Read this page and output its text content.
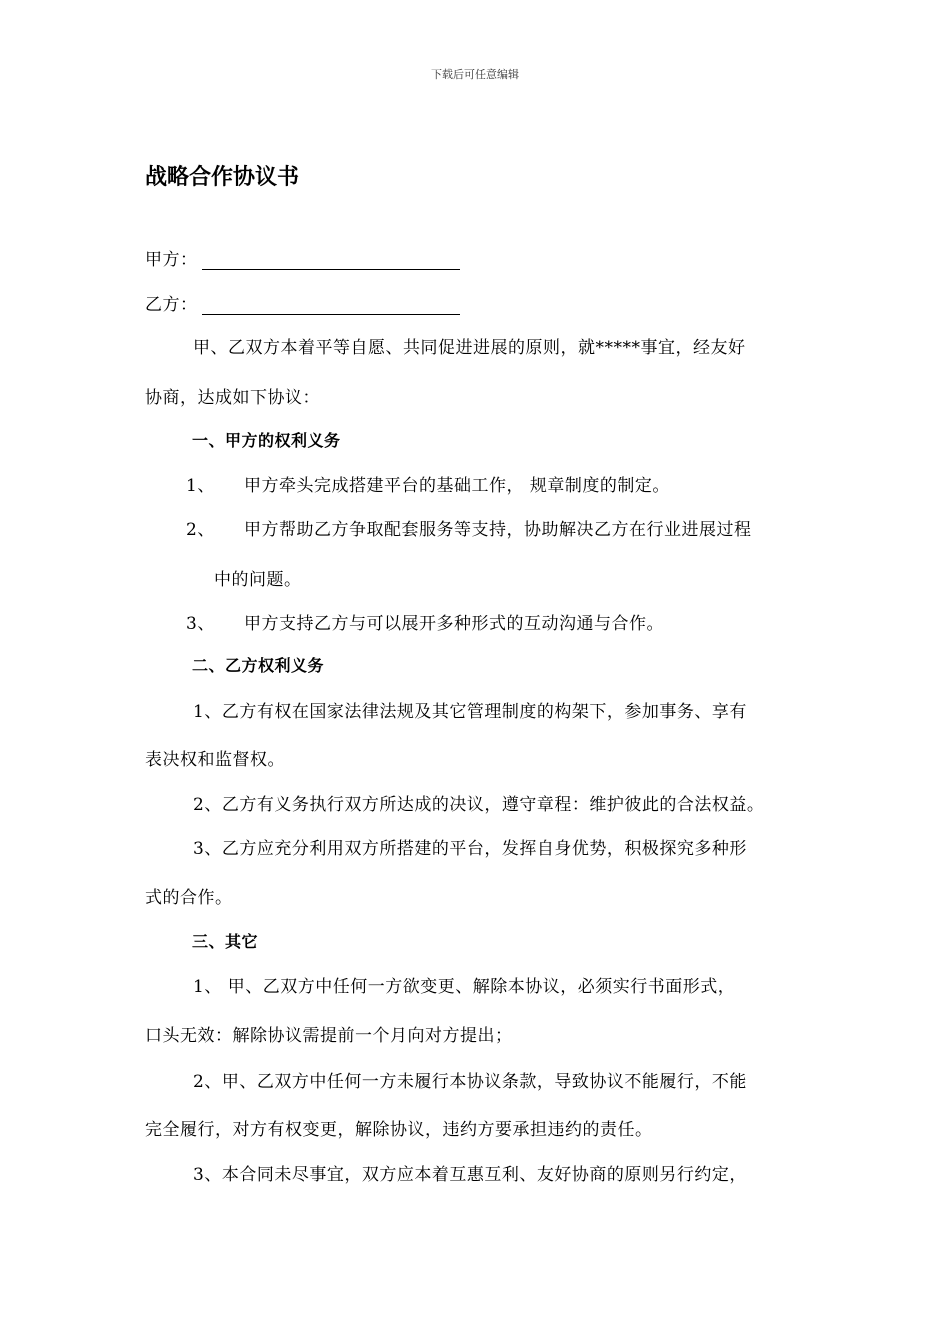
下载后可任意编辑
战略合作协议书
甲方：
乙方：
甲、乙双方本着平等自愿、共同促进进展的原则，就*****事宜，经友好
协商，达成如下协议：
一、甲方的权利义务
1、 甲方牵头完成搭建平台的基础工作， 规章制度的制定。
2、 甲方帮助乙方争取配套服务等支持，协助解决乙方在行业进展过程
中的问题。
3、 甲方支持乙方与可以展开多种形式的互动沟通与合作。
二、乙方权利义务
1、乙方有权在国家法律法规及其它管理制度的构架下，参加事务、享有
表决权和监督权。
2、乙方有义务执行双方所达成的决议，遵守章程：维护彼此的合法权益。
3、乙方应充分利用双方所搭建的平台，发挥自身优势，积极探究多种形
式的合作。
三、其它
1、 甲、乙双方中任何一方欲变更、解除本协议，必须实行书面形式，
口头无效：解除协议需提前一个月向对方提出；
2、甲、乙双方中任何一方未履行本协议条款，导致协议不能履行，不能
完全履行，对方有权变更，解除协议，违约方要承担违约的责任。
3、本合同未尽事宜，双方应本着互惠互利、友好协商的原则另行约定，
